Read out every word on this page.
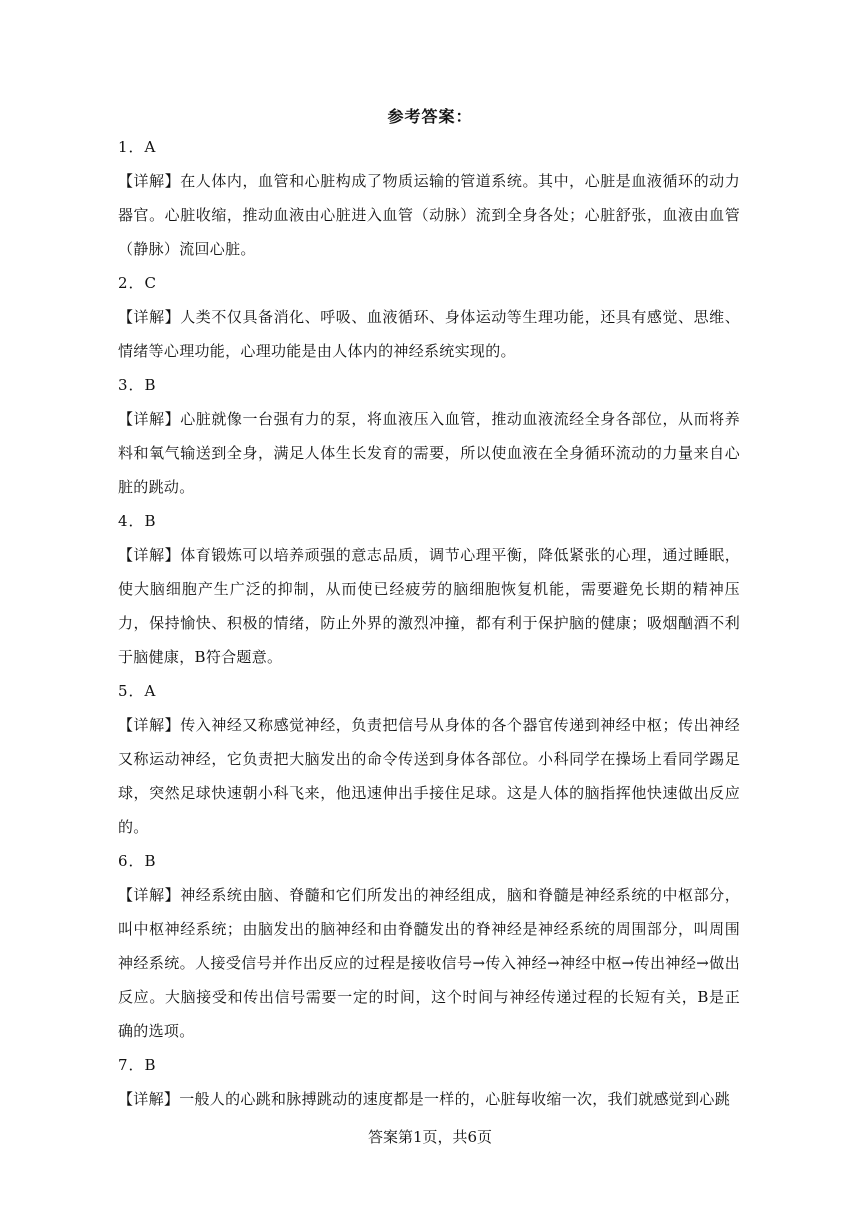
参考答案：
1．A
【详解】在人体内，血管和心脏构成了物质运输的管道系统。其中，心脏是血液循环的动力器官。心脏收缩，推动血液由心脏进入血管（动脉）流到全身各处；心脏舒张，血液由血管（静脉）流回心脏。
2．C
【详解】人类不仅具备消化、呼吸、血液循环、身体运动等生理功能，还具有感觉、思维、情绪等心理功能，心理功能是由人体内的神经系统实现的。
3．B
【详解】心脏就像一台强有力的泵，将血液压入血管，推动血液流经全身各部位，从而将养料和氧气输送到全身，满足人体生长发育的需要，所以使血液在全身循环流动的力量来自心脏的跳动。
4．B
【详解】体育锻炼可以培养顽强的意志品质，调节心理平衡，降低紧张的心理，通过睡眠，使大脑细胞产生广泛的抑制，从而使已经疲劳的脑细胞恢复机能，需要避免长期的精神压力，保持愉快、积极的情绪，防止外界的激烈冲撞，都有利于保护脑的健康；吸烟酗酒不利于脑健康，B符合题意。
5．A
【详解】传入神经又称感觉神经，负责把信号从身体的各个器官传递到神经中枢；传出神经又称运动神经，它负责把大脑发出的命令传送到身体各部位。小科同学在操场上看同学踢足球，突然足球快速朝小科飞来，他迅速伸出手接住足球。这是人体的脑指挥他快速做出反应的。
6．B
【详解】神经系统由脑、脊髓和它们所发出的神经组成，脑和脊髓是神经系统的中枢部分，叫中枢神经系统；由脑发出的脑神经和由脊髓发出的脊神经是神经系统的周围部分，叫周围神经系统。人接受信号并作出反应的过程是接收信号→传入神经→神经中枢→传出神经→做出反应。大脑接受和传出信号需要一定的时间，这个时间与神经传递过程的长短有关，B是正确的选项。
7．B
【详解】一般人的心跳和脉搏跳动的速度都是一样的，心脏每收缩一次，我们就感觉到心跳
答案第1页，共6页
